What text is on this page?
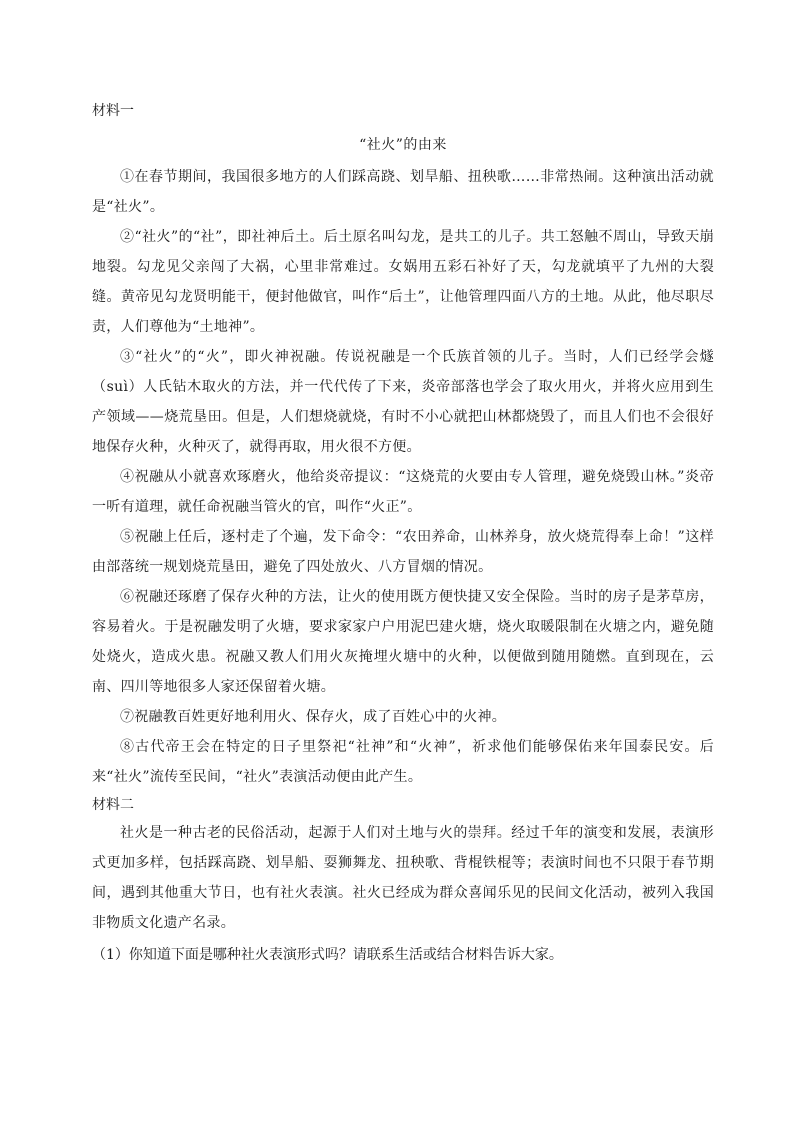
材料一

“社火”的由来

①在春节期间，我国很多地方的人们踩高跷、划旱船、扭秧歌……非常热闹。这种演出活动就是“社火”。

②“社火”的“社”，即社神后土。后土原名叫勾龙，是共工的儿子。共工怒触不周山，导致天崩地裂。勾龙见父亲闯了大祸，心里非常难过。女娲用五彩石补好了天，勾龙就填平了九州的大裂缝。黄帝见勾龙贤明能干，便封他做官，叫作“后土”，让他管理四面八方的土地。从此，他尽职尽责，人们尊他为“土地神”。

③“社火”的“火”，即火神祝融。传说祝融是一个氏族首领的儿子。当时，人们已经学会燧（suì）人氏钻木取火的方法，并一代代传了下来，炎帝部落也学会了取火用火，并将火应用到生产领域——烧荒垦田。但是，人们想烧就烧，有时不小心就把山林都烧毁了，而且人们也不会很好地保存火种，火种灭了，就得再取，用火很不方便。

④祝融从小就喜欢琢磨火，他给炎帝提议：“这烧荒的火要由专人管理，避免烧毁山林。”炎帝一听有道理，就任命祝融当管火的官，叫作“火正”。

⑤祝融上任后，逐村走了个遍，发下命令：“农田养命，山林养身，放火烧荒得奉上命！”这样由部落统一规划烧荒垦田，避免了四处放火、八方冒烟的情况。

⑥祝融还琢磨了保存火种的方法，让火的使用既方便快捷又安全保险。当时的房子是茅草房，容易着火。于是祝融发明了火塘，要求家家户户用泥巴建火塘，烧火取暖限制在火塘之内，避免随处烧火，造成火患。祝融又教人们用火灰掩埋火塘中的火种，以便做到随用随燃。直到现在，云南、四川等地很多人家还保留着火塘。

⑦祝融教百姓更好地利用火、保存火，成了百姓心中的火神。

⑧古代帝王会在特定的日子里祭祀“社神”和“火神”，祈求他们能够保佑来年国泰民安。后来“社火”流传至民间，“社火”表演活动便由此产生。

材料二

社火是一种古老的民俗活动，起源于人们对土地与火的崇拜。经过千年的演变和发展，表演形式更加多样，包括踩高跷、划旱船、耍狮舞龙、扭秧歌、背棍铁棍等；表演时间也不只限于春节期间，遇到其他重大节日，也有社火表演。社火已经成为群众喜闻乐见的民间文化活动，被列入我国非物质文化遗产名录。

（1）你知道下面是哪种社火表演形式吗？请联系生活或结合材料告诉大家。
